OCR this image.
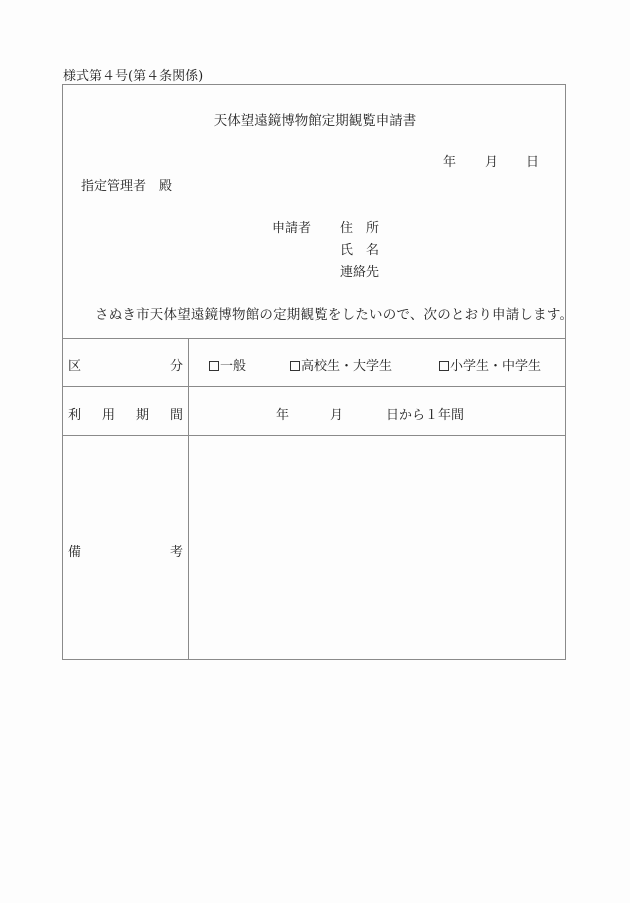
様式第４号(第４条関係)
天体望遠鏡博物館定期観覧申請書
年 月 日
指定管理者　殿
申請者 住　所
氏　名
連絡先
さぬき市天体望遠鏡博物館の定期観覧をしたいので、次のとおり申請します。
区	分	一般	高校生・大学生	小学生・中学生
利 用 期 間	年	月	日から１年間
備	考
